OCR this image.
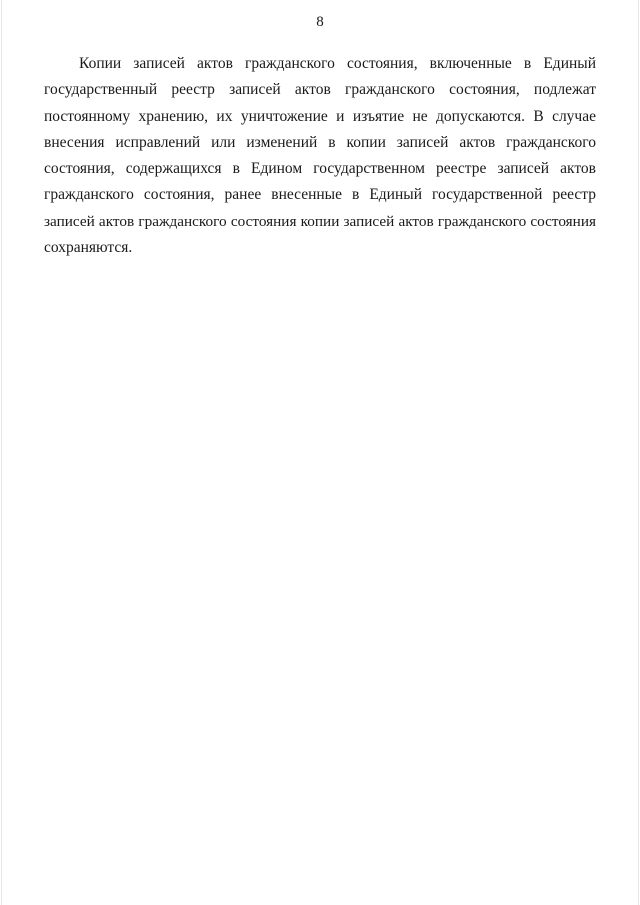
8

Копии записей актов гражданского состояния, включенные в Единый
государственный реестр записей актов гражданского состояния, подлежат
постоянному хранению, их уничтожение и изъятие не допускаются. В случае
внесения исправлений или изменений в копии записей актов гражданского
состояния, содержащихся в Едином государственном реестре записей актов
гражданского состояния, ранее внесенные в Единый государственной реестр
записей актов гражданского состояния копии записей актов гражданского состояния
сохраняются.
